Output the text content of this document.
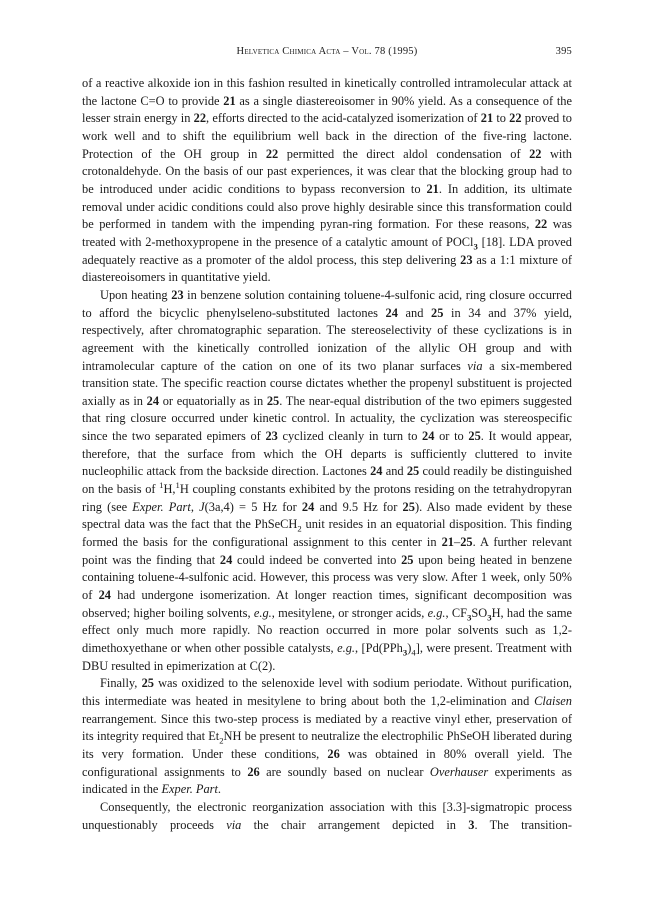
Helvetica Chimica Acta – Vol. 78 (1995)	395

of a reactive alkoxide ion in this fashion resulted in kinetically controlled intramolecular attack at the lactone C=O to provide 21 as a single diastereoisomer in 90% yield. As a consequence of the lesser strain energy in 22, efforts directed to the acid-catalyzed isomerization of 21 to 22 proved to work well and to shift the equilibrium well back in the direction of the five-ring lactone. Protection of the OH group in 22 permitted the direct aldol condensation of 22 with crotonaldehyde. On the basis of our past experiences, it was clear that the blocking group had to be introduced under acidic conditions to bypass reconversion to 21. In addition, its ultimate removal under acidic conditions could also prove highly desirable since this transformation could be performed in tandem with the impending pyran-ring formation. For these reasons, 22 was treated with 2-methoxypropene in the presence of a catalytic amount of POCl$_3$ [18]. LDA proved adequately reactive as a promoter of the aldol process, this step delivering 23 as a 1:1 mixture of diastereoisomers in quantitative yield.

Upon heating 23 in benzene solution containing toluene-4-sulfonic acid, ring closure occurred to afford the bicyclic phenylseleno-substituted lactones 24 and 25 in 34 and 37% yield, respectively, after chromatographic separation. The stereoselectivity of these cyclizations is in agreement with the kinetically controlled ionization of the allylic OH group and with intramolecular capture of the cation on one of its two planar surfaces via a six-membered transition state. The specific reaction course dictates whether the propenyl substituent is projected axially as in 24 or equatorially as in 25. The near-equal distribution of the two epimers suggested that ring closure occurred under kinetic control. In actuality, the cyclization was stereospecific since the two separated epimers of 23 cyclized cleanly in turn to 24 or to 25. It would appear, therefore, that the surface from which the OH departs is sufficiently cluttered to invite nucleophilic attack from the backside direction. Lactones 24 and 25 could readily be distinguished on the basis of $^1$H,$^1$H coupling constants exhibited by the protons residing on the tetrahydropyran ring (see Exper. Part, J(3a,4) = 5 Hz for 24 and 9.5 Hz for 25). Also made evident by these spectral data was the fact that the PhSeCH$_2$ unit resides in an equatorial disposition. This finding formed the basis for the configurational assignment to this center in 21–25. A further relevant point was the finding that 24 could indeed be converted into 25 upon being heated in benzene containing toluene-4-sulfonic acid. However, this process was very slow. After 1 week, only 50% of 24 had undergone isomerization. At longer reaction times, significant decomposition was observed; higher boiling solvents, e.g., mesitylene, or stronger acids, e.g., $CF_3SO_3H$, had the same effect only much more rapidly. No reaction occurred in more polar solvents such as 1,2-dimethoxyethane or when other possible catalysts, e.g., $[Pd(PPh_3)_4]$, were present. Treatment with DBU resulted in epimerization at C(2).

Finally, 25 was oxidized to the selenoxide level with sodium periodate. Without purification, this intermediate was heated in mesitylene to bring about both the 1,2-elimination and Claisen rearrangement. Since this two-step process is mediated by a reactive vinyl ether, preservation of its integrity required that $Et_2NH$ be present to neutralize the electrophilic PhSeOH liberated during its very formation. Under these conditions, 26 was obtained in 80% overall yield. The configurational assignments to 26 are soundly based on nuclear Overhauser experiments as indicated in the Exper. Part.

Consequently, the electronic reorganization association with this [3.3]-sigmatropic process unquestionably proceeds via the chair arrangement depicted in 3. The transition-
